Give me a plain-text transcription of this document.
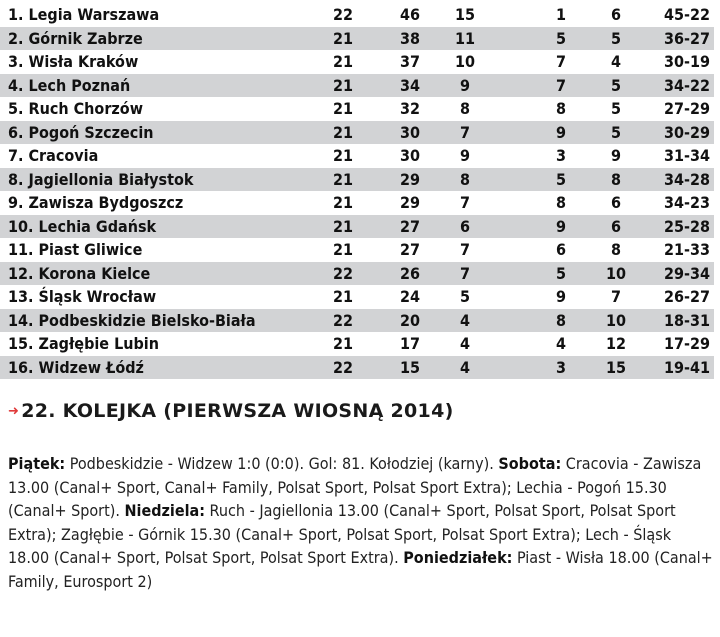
1. Legia Warszawa	22	46	15	1	6	45-22
2. Górnik Zabrze	21	38	11	5	5	36-27
3. Wisła Kraków	21	37	10	7	4	30-19
4. Lech Poznań	21	34	9	7	5	34-22
5. Ruch Chorzów	21	32	8	8	5	27-29
6. Pogoń Szczecin	21	30	7	9	5	30-29
7. Cracovia	21	30	9	3	9	31-34
8. Jagiellonia Białystok	21	29	8	5	8	34-28
9. Zawisza Bydgoszcz	21	29	7	8	6	34-23
10. Lechia Gdańsk	21	27	6	9	6	25-28
11. Piast Gliwice	21	27	7	6	8	21-33
12. Korona Kielce	22	26	7	5	10	29-34
13. Śląsk Wrocław	21	24	5	9	7	26-27
14. Podbeskidzie Bielsko-Biała	22	20	4	8	10	18-31
15. Zagłębie Lubin	21	17	4	4	12	17-29
16. Widzew Łódź	22	15	4	3	15	19-41
➜ 22. KOLEJKA (PIERWSZA WIOSNĄ 2014)

Piątek: Podbeskidzie - Widzew 1:0 (0:0). Gol: 81. Kołodziej (karny). Sobota: Cracovia - Zawisza 13.00 (Canal+ Sport, Canal+ Family, Polsat Sport, Polsat Sport Extra); Lechia - Pogoń 15.30 (Canal+ Sport). Niedziela: Ruch - Jagiellonia 13.00 (Canal+ Sport, Polsat Sport, Polsat Sport Extra); Zagłębie - Górnik 15.30 (Canal+ Sport, Polsat Sport, Polsat Sport Extra); Lech - Śląsk 18.00 (Canal+ Sport, Polsat Sport, Polsat Sport Extra). Poniedziałek: Piast - Wisła 18.00 (Canal+ Family, Eurosport 2)
